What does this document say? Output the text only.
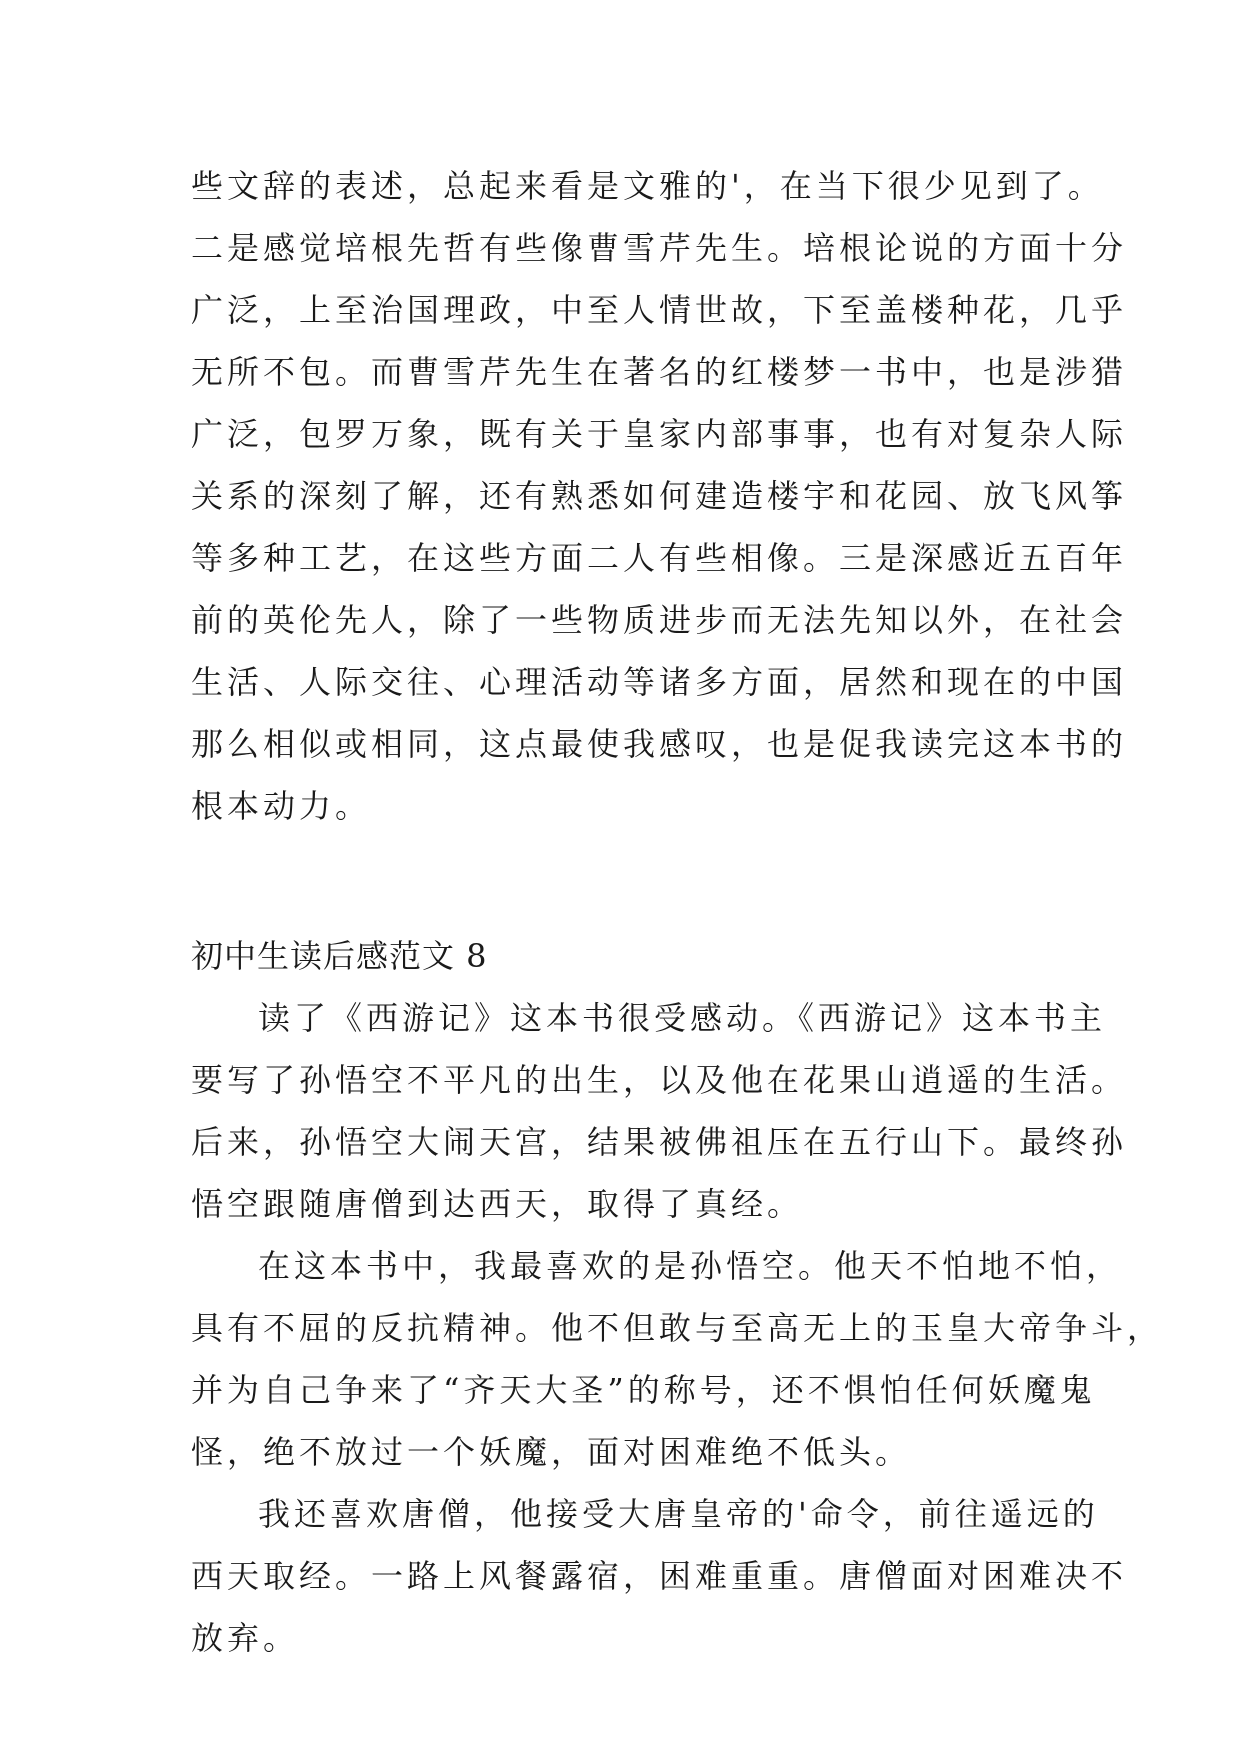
些文辞的表述，总起来看是文雅的'，在当下很少见到了。
二是感觉培根先哲有些像曹雪芹先生。培根论说的方面十分
广泛，上至治国理政，中至人情世故，下至盖楼种花，几乎
无所不包。而曹雪芹先生在著名的红楼梦一书中，也是涉猎
广泛，包罗万象，既有关于皇家内部事事，也有对复杂人际
关系的深刻了解，还有熟悉如何建造楼宇和花园、放飞风筝
等多种工艺，在这些方面二人有些相像。三是深感近五百年
前的英伦先人，除了一些物质进步而无法先知以外，在社会
生活、人际交往、心理活动等诸多方面，居然和现在的中国
那么相似或相同，这点最使我感叹，也是促我读完这本书的
根本动力。
初中生读后感范文 8
读了《西游记》这本书很受感动。《西游记》这本书主
要写了孙悟空不平凡的出生，以及他在花果山逍遥的生活。
后来，孙悟空大闹天宫，结果被佛祖压在五行山下。最终孙
悟空跟随唐僧到达西天，取得了真经。
在这本书中，我最喜欢的是孙悟空。他天不怕地不怕，
具有不屈的反抗精神。他不但敢与至高无上的玉皇大帝争斗，
并为自己争来了“齐天大圣”的称号，还不惧怕任何妖魔鬼
怪，绝不放过一个妖魔，面对困难绝不低头。
我还喜欢唐僧，他接受大唐皇帝的'命令，前往遥远的
西天取经。一路上风餐露宿，困难重重。唐僧面对困难决不
放弃。
